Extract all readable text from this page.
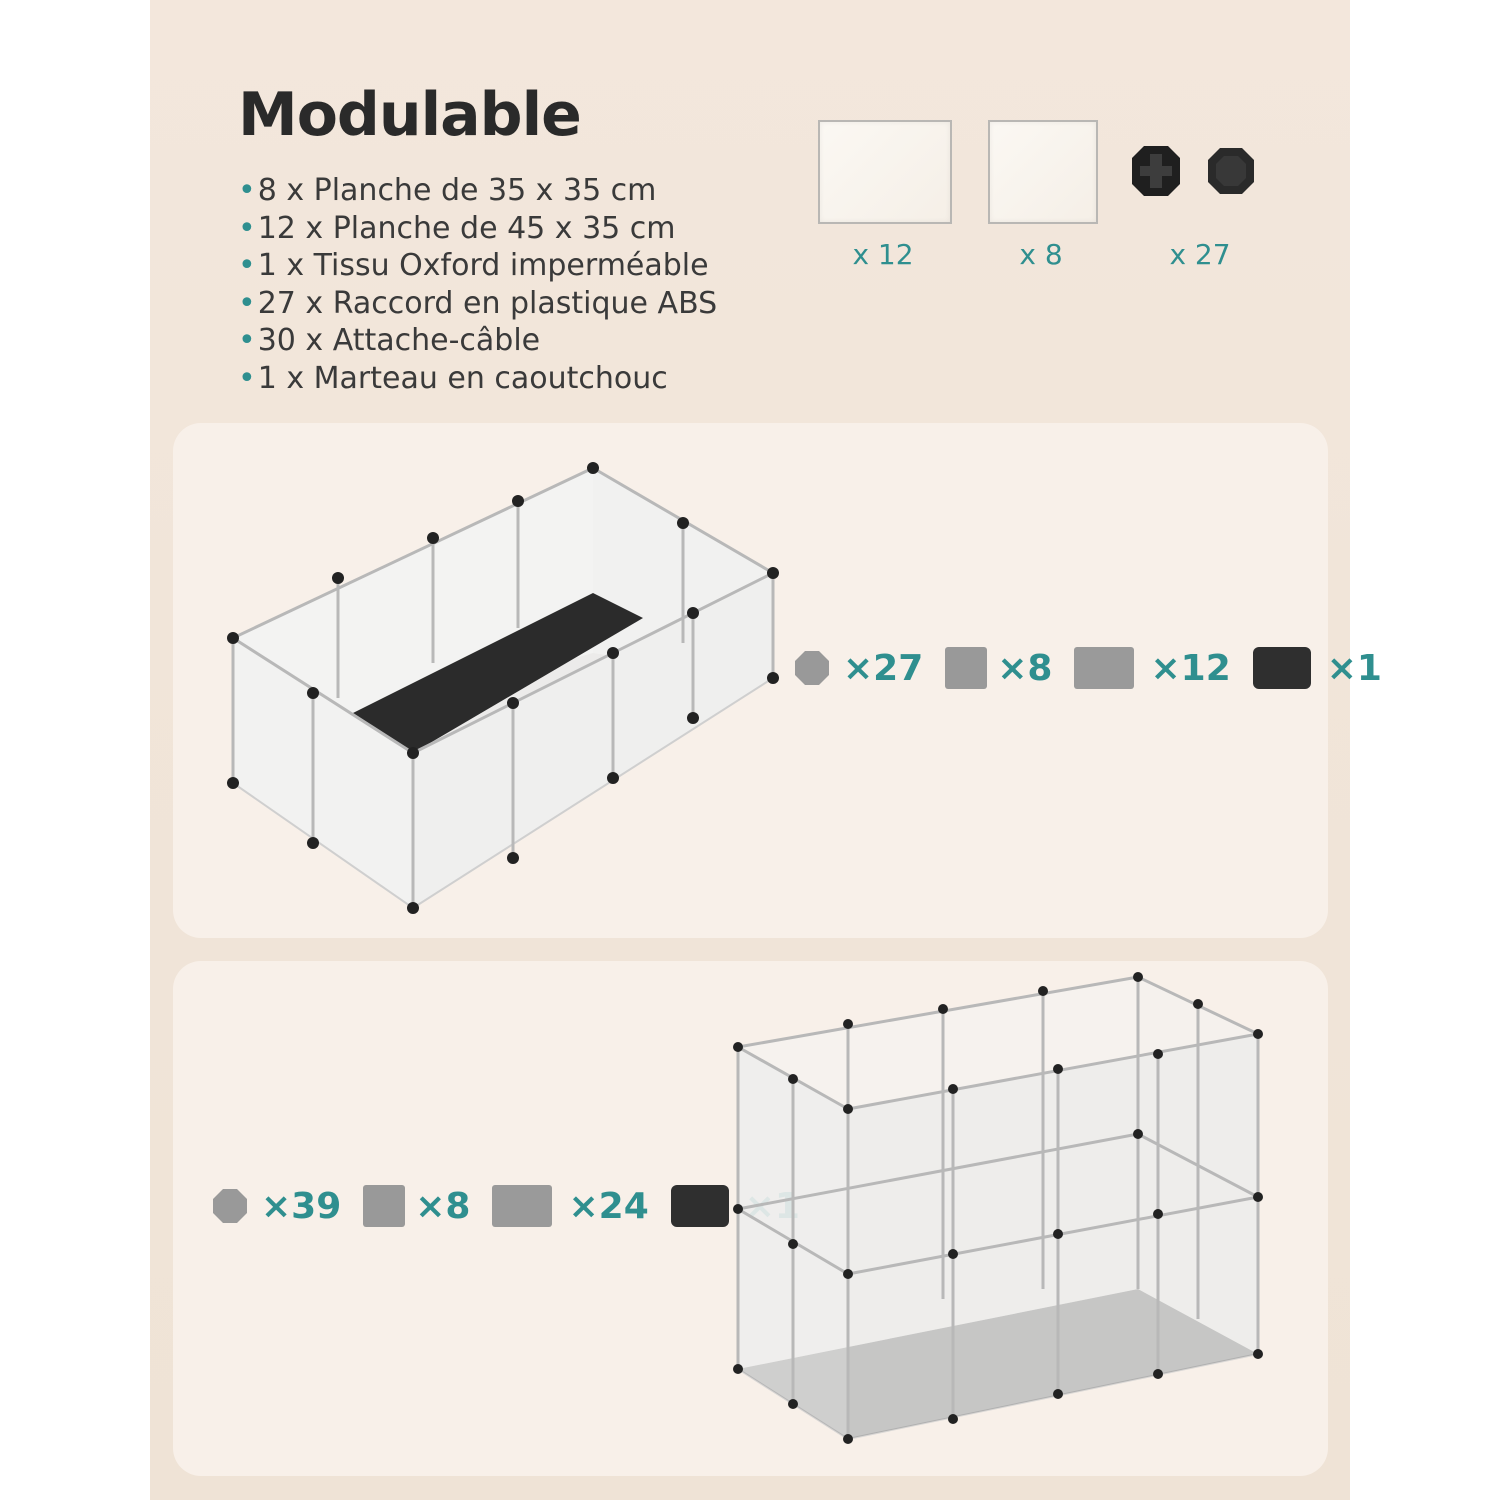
Modulable
•8 x Planche de 35 x 35 cm
•12 x Planche de 45 x 35 cm
•1 x Tissu Oxford imperméable
•27 x Raccord en plastique ABS
•30 x Attache-câble
•1 x Marteau en caoutchouc
x 12	x 8	x 27
×27 ×8	×12	×1
×39 ×8	×24
